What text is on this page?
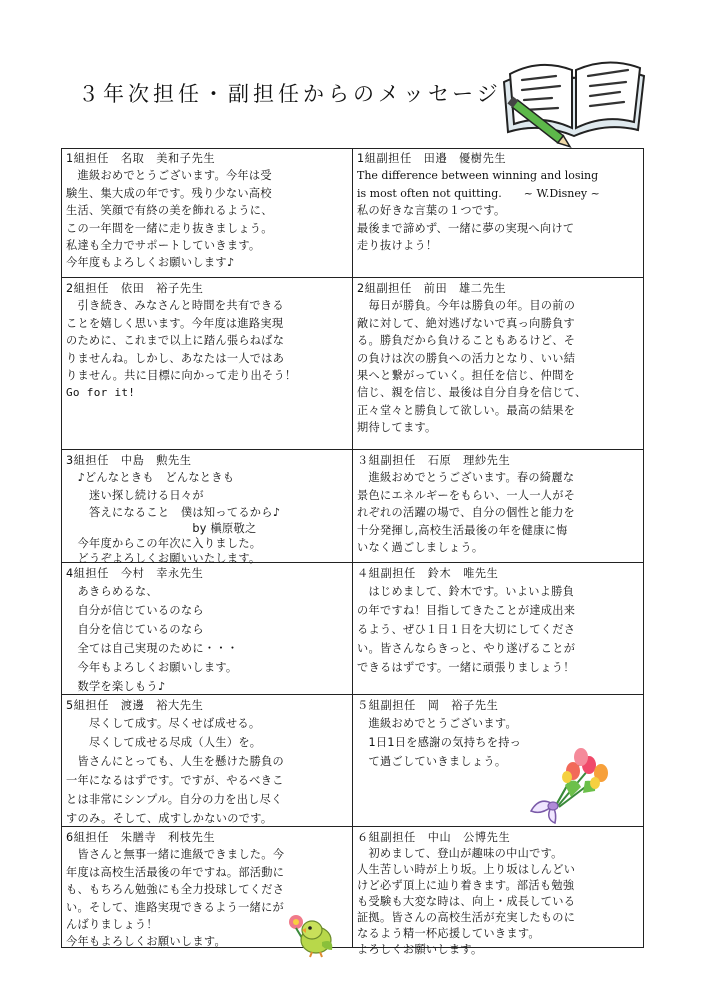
３年次担任・副担任からのメッセージ
1組担任　名取　美和子先生
　進級おめでとうございます。今年は受
験生、集大成の年です。残り少ない高校
生活、笑顔で有終の美を飾れるように、
この一年間を一緒に走り抜きましょう。
私達も全力でサポートしていきます。
今年度もよろしくお願いします♪
1組副担任　田邉　優樹先生
The difference between winning and losing
is most often not quitting.　　~ W.Disney ~
私の好きな言葉の１つです。
最後まで諦めず、一緒に夢の実現へ向けて
走り抜けよう！
2組担任　依田　裕子先生
　引き続き、みなさんと時間を共有できる
ことを嬉しく思います。今年度は進路実現
のために、これまで以上に踏ん張らねばな
りませんね。しかし、あなたは一人ではあ
りません。共に目標に向かって走り出そう！
Go for it!
2組副担任　前田　雄二先生
　毎日が勝負。今年は勝負の年。目の前の
敵に対して、絶対逃げないで真っ向勝負す
る。勝負だから負けることもあるけど、そ
の負けは次の勝負への活力となり、いい結
果へと繋がっていく。担任を信じ、仲間を
信じ、親を信じ、最後は自分自身を信じて、
正々堂々と勝負して欲しい。最高の結果を
期待してます。
3組担任　中島　勲先生
　♪どんなときも　どんなときも
　　迷い探し続ける日々が
　　答えになること　僕は知ってるから♪
　　　　　　　　　　　by 槇原敬之
　今年度からこの年次に入りました。
　どうぞよろしくお願いいたします。
３組副担任　石原　理紗先生
　進級おめでとうございます。春の綺麗な
景色にエネルギーをもらい、一人一人がそ
れぞれの活躍の場で、自分の個性と能力を
十分発揮し,高校生活最後の年を健康に悔
いなく過ごしましょう。
4組担任　今村　幸永先生
　あきらめるな、
　自分が信じているのなら
　自分を信じているのなら
　全ては自己実現のために・・・
　今年もよろしくお願いします。
　数学を楽しもう♪
４組副担任　鈴木　唯先生
　はじめまして、鈴木です。いよいよ勝負
の年ですね！目指してきたことが達成出来
るよう、ぜひ１日１日を大切にしてくださ
い。皆さんならきっと、やり遂げることが
できるはずです。一緒に頑張りましょう！
5組担任　渡邊　裕大先生
　　尽くして成す。尽くせば成せる。
　　尽くして成せる尽成（人生）を。
　皆さんにとっても、人生を懸けた勝負の
一年になるはずです。ですが、やるべきこ
とは非常にシンプル。自分の力を出し尽く
すのみ。そして、成すしかないのです。
５組副担任　岡　裕子先生
　進級おめでとうございます。
　1日1日を感謝の気持ちを持っ
　て過ごしていきましょう。
6組担任　朱膳寺　利枝先生
　皆さんと無事一緒に進級できました。今
年度は高校生活最後の年ですね。部活動に
も、もちろん勉強にも全力投球してくださ
い。そして、進路実現できるよう一緒にが
んばりましょう！
今年もよろしくお願いします。
６組副担任　中山　公博先生
　初めまして、登山が趣味の中山です。
人生苦しい時が上り坂。上り坂はしんどい
けど必ず頂上に辿り着きます。部活も勉強
も受験も大変な時は、向上・成長している
証拠。皆さんの高校生活が充実したものに
なるよう精一杯応援していきます。
よろしくお願いします。
